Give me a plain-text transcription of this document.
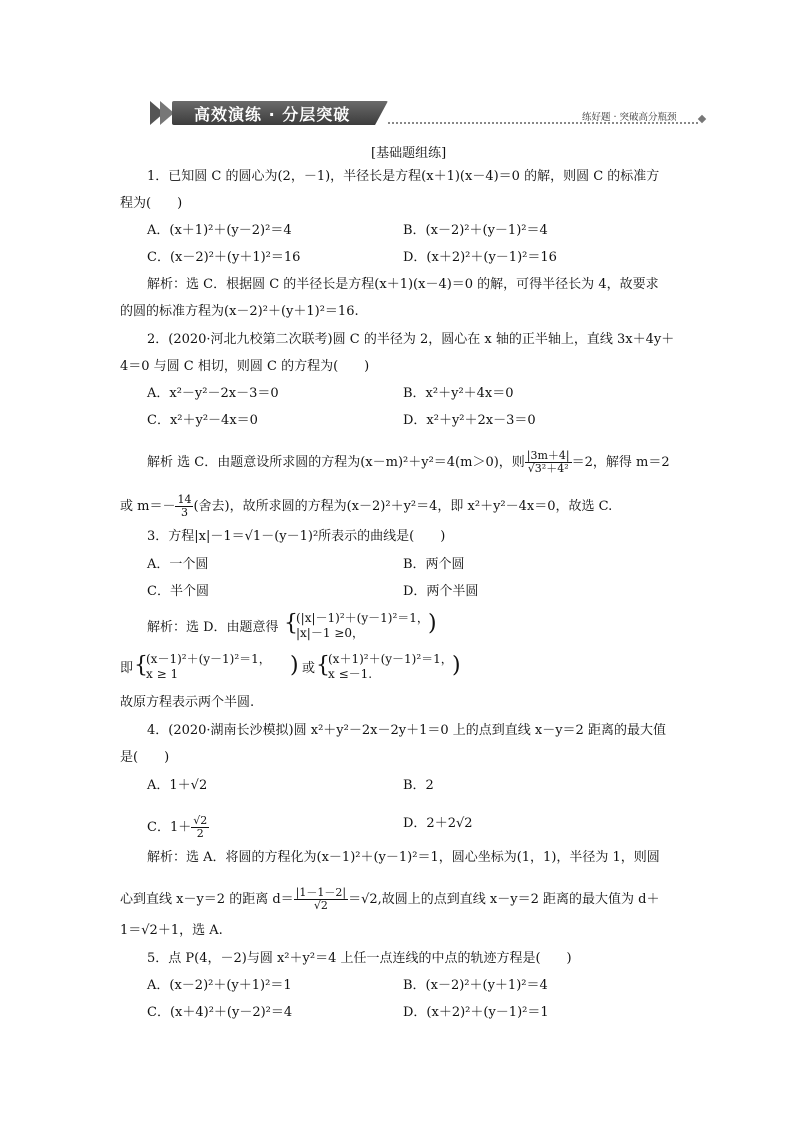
高效演练 · 分层突破	练好题 · 突破高分瓶颈
[基础题组练]
1．已知圆 C 的圆心为(2，－1)，半径长是方程(x＋1)(x－4)＝0 的解，则圆 C 的标准方
程为(　　)
A．(x＋1)²＋(y－2)²＝4	B．(x－2)²＋(y－1)²＝4
C．(x－2)²＋(y＋1)²＝16	D．(x＋2)²＋(y－1)²＝16
解析：选 C．根据圆 C 的半径长是方程(x＋1)(x－4)＝0 的解，可得半径长为 4，故要求
的圆的标准方程为(x－2)²＋(y＋1)²＝16.
2．(2020·河北九校第二次联考)圆 C 的半径为 2，圆心在 x 轴的正半轴上，直线 3x＋4y＋
4＝0 与圆 C 相切，则圆 C 的方程为(　　)
A．x²－y²－2x－3＝0	B．x²＋y²＋4x＝0
C．x²＋y²－4x＝0	D．x²＋y²＋2x－3＝0
解析 选 C．由题意设所求圆的方程为(x－m)²＋y²＝4(m＞0)，则 $\frac{|3m+4|}{\text{√3²＋4²}} =2$，解得 m＝2
或 $m=- \frac{14}{3}$ (舍去)，故所求圆的方程为(x－2)²＋y²＝4，即 x²＋y²－4x＝0，故选 C.
3．方程|x|－1＝√1－(y－1)²所表示的曲线是(　　)
A．一个圆	B．两个圆
C．半个圆	D．两个半圆
解析：选 D．由题意得 {
(|x|－1)²＋(y－1)²＝1，
|x|－1 ≥0，	)
即 {
(x－1)²＋(y－1)²＝1，
x ≥ 1	) 或 {
(x＋1)²＋(y－1)²＝1，
x ≤－1.	)
故原方程表示两个半圆.
4．(2020·湖南长沙模拟)圆 x²＋y²－2x－2y＋1＝0 上的点到直线 x－y＝2 距离的最大值
是(　　)
A．1＋√2	B．2
C．$1+ \frac{√2}{2}$	D．2＋2√2
解析：选 A．将圆的方程化为(x－1)²＋(y－1)²＝1，圆心坐标为(1，1)，半径为 1，则圆
心到直线 x－y＝2 的距离 $d= \frac{|1-1-2|}{√2} =√2$,故圆上的点到直线 x－y＝2 距离的最大值为 d＋
1＝√2＋1，选 A.
5．点 P(4，－2)与圆 x²＋y²＝4 上任一点连线的中点的轨迹方程是(　　)
A．(x－2)²＋(y＋1)²＝1	B．(x－2)²＋(y＋1)²＝4
C．(x＋4)²＋(y－2)²＝4	D．(x＋2)²＋(y－1)²＝1
